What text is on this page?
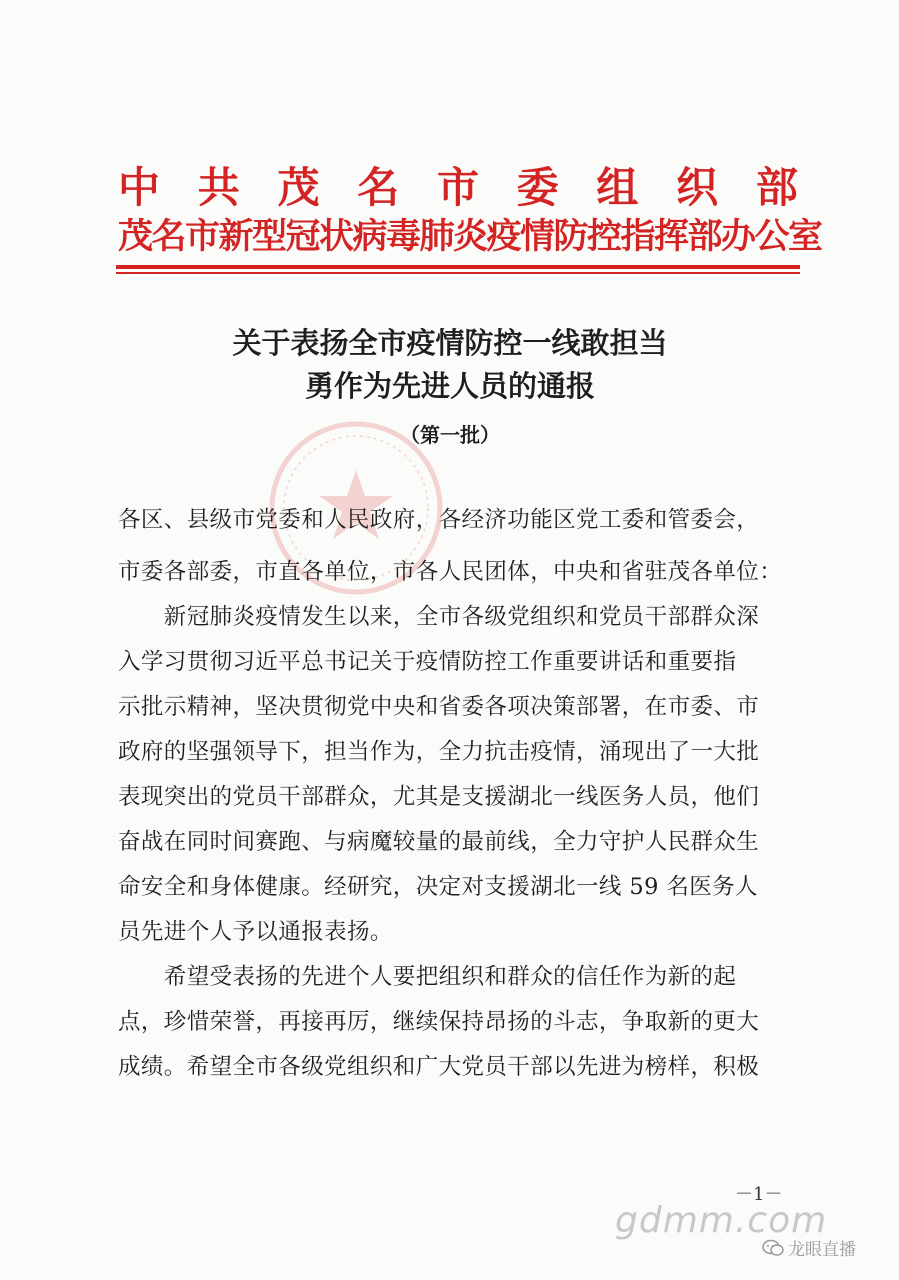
中 共 茂 名 市 委 组 织 部
茂名市新型冠状病毒肺炎疫情防控指挥部办公室
关于表扬全市疫情防控一线敢担当
勇作为先进人员的通报
（第一批）

各区、县级市党委和人民政府，各经济功能区党工委和管委会，

市委各部委，市直各单位，市各人民团体，中央和省驻茂各单位：

　　新冠肺炎疫情发生以来，全市各级党组织和党员干部群众深

入学习贯彻习近平总书记关于疫情防控工作重要讲话和重要指

示批示精神，坚决贯彻党中央和省委各项决策部署，在市委、市

政府的坚强领导下，担当作为，全力抗击疫情，涌现出了一大批

表现突出的党员干部群众，尤其是支援湖北一线医务人员，他们

奋战在同时间赛跑、与病魔较量的最前线，全力守护人民群众生

命安全和身体健康。经研究，决定对支援湖北一线 59 名医务人

员先进个人予以通报表扬。

　　希望受表扬的先进个人要把组织和群众的信任作为新的起

点，珍惜荣誉，再接再厉，继续保持昂扬的斗志，争取新的更大

成绩。希望全市各级党组织和广大党员干部以先进为榜样，积极

－1－
gdmm.com
龙眼直播
